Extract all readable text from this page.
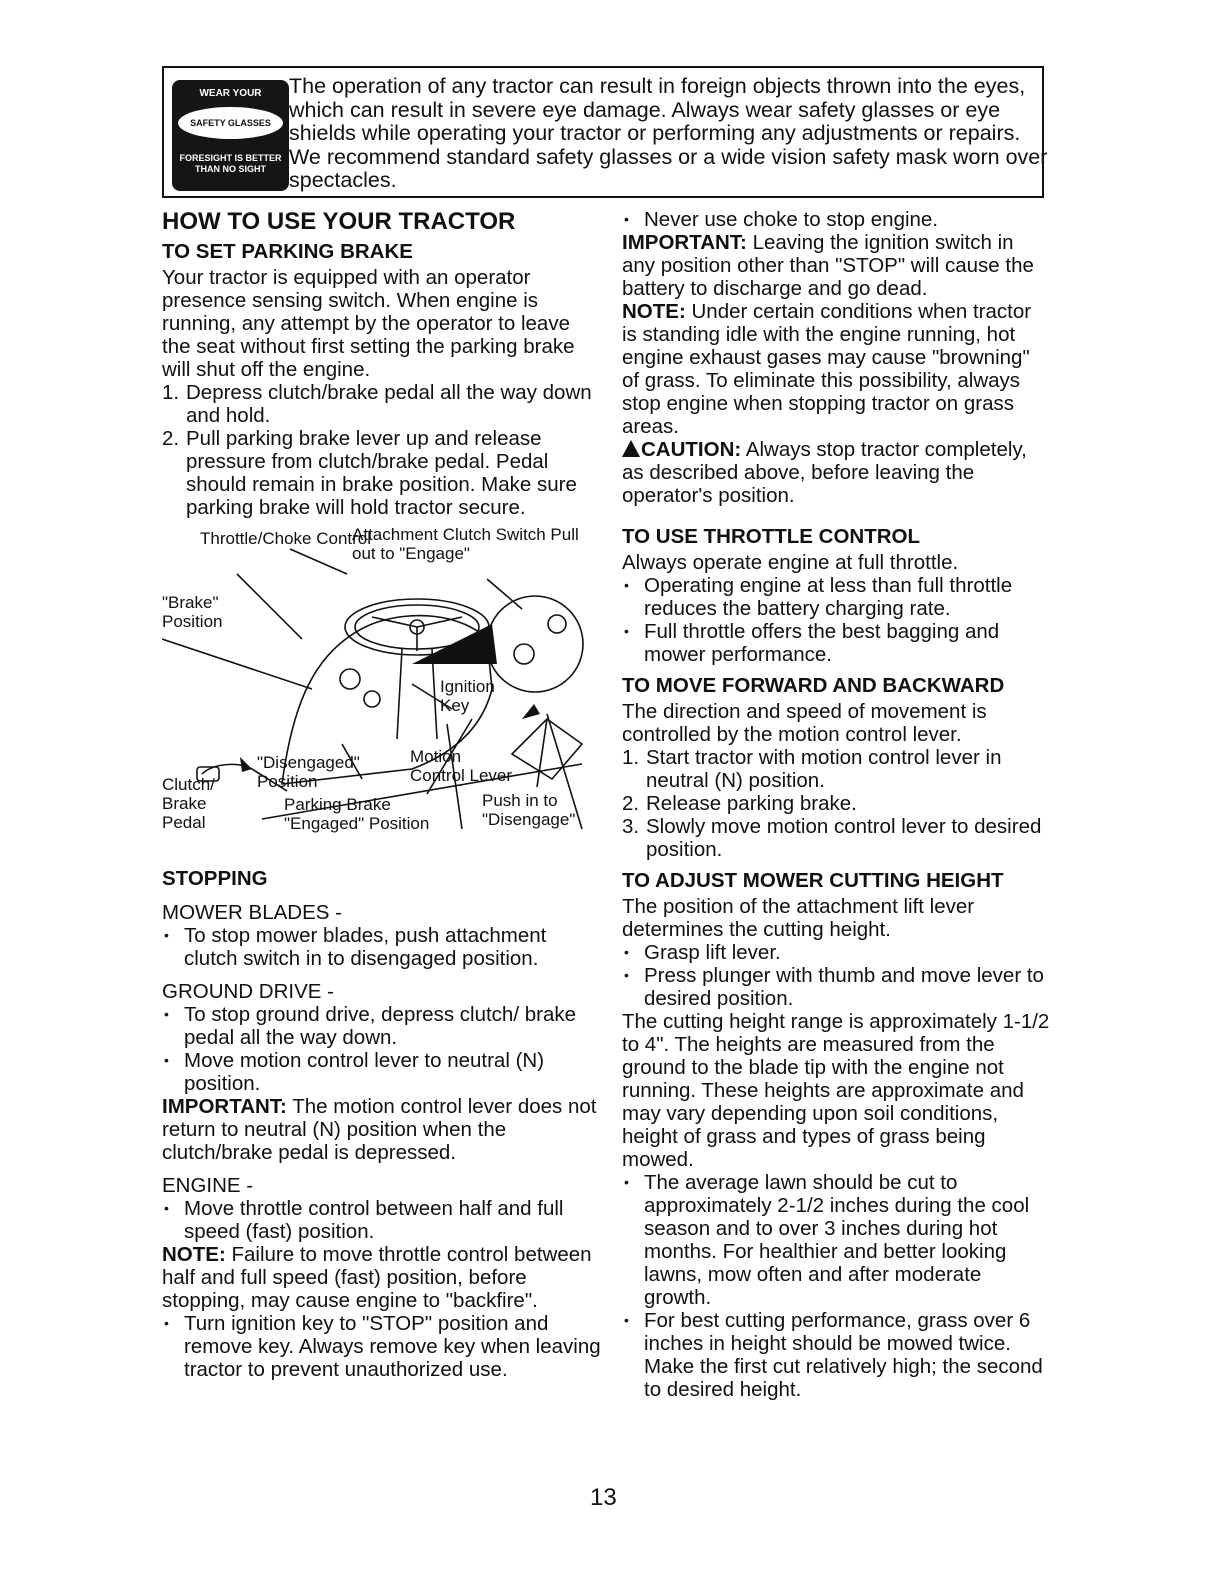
WEAR YOUR
SAFETY GLASSES
FORESIGHT IS BETTER
THAN NO SIGHT
The operation of any tractor can result in foreign objects thrown into the eyes, which can result in severe eye damage. Always wear safety glasses or eye shields while operating your tractor or performing any adjustments or repairs. We recommend standard safety glasses or a wide vision safety mask worn over spectacles.
HOW TO USE YOUR TRACTOR
TO SET PARKING BRAKE

Your tractor is equipped with an operator presence sensing switch. When engine is running, any attempt by the operator to leave the seat without first setting the parking brake will shut off the engine.

1. Depress clutch/brake pedal all the way down and hold.
2. Pull parking brake lever up and release pressure from clutch/brake pedal. Pedal should remain in brake position. Make sure parking brake will hold tractor secure.
Throttle/Choke Control
Attachment Clutch Switch Pull out to "Engage"
"Brake" Position
Ignition Key
"Disengaged" Position
Motion Control Lever
Clutch/ Brake Pedal
Parking Brake "Engaged" Position
Push in to "Disengage"
STOPPING

MOWER BLADES -

• To stop mower blades, push attachment clutch switch in to disengaged position.

GROUND DRIVE -

• To stop ground drive, depress clutch/ brake pedal all the way down.
• Move motion control lever to neutral (N) position.

IMPORTANT: The motion control lever does not return to neutral (N) position when the clutch/brake pedal is depressed.

ENGINE -

• Move throttle control between half and full speed (fast) position.

NOTE: Failure to move throttle control between half and full speed (fast) position, before stopping, may cause engine to "backfire".

• Turn ignition key to "STOP" position and remove key. Always remove key when leaving tractor to prevent unauthorized use.
• Never use choke to stop engine.

IMPORTANT: Leaving the ignition switch in any position other than "STOP" will cause the battery to discharge and go dead.

NOTE: Under certain conditions when tractor is standing idle with the engine running, hot engine exhaust gases may cause "browning" of grass. To eliminate this possibility, always stop engine when stopping tractor on grass areas.

CAUTION: Always stop tractor completely, as described above, before leaving the operator's position.

TO USE THROTTLE CONTROL

Always operate engine at full throttle.

• Operating engine at less than full throttle reduces the battery charging rate.
• Full throttle offers the best bagging and mower performance.
TO MOVE FORWARD AND BACKWARD

The direction and speed of movement is controlled by the motion control lever.

1. Start tractor with motion control lever in neutral (N) position.
2. Release parking brake.
3. Slowly move motion control lever to desired position.
TO ADJUST MOWER CUTTING HEIGHT

The position of the attachment lift lever determines the cutting height.

• Grasp lift lever.
• Press plunger with thumb and move lever to desired position.

The cutting height range is approximately 1-1/2 to 4". The heights are measured from the ground to the blade tip with the engine not running. These heights are approximate and may vary depending upon soil conditions, height of grass and types of grass being mowed.

• The average lawn should be cut to approximately 2-1/2 inches during the cool season and to over 3 inches during hot months. For healthier and better looking lawns, mow often and after moderate growth.
• For best cutting performance, grass over 6 inches in height should be mowed twice. Make the first cut relatively high; the second to desired height.
13
